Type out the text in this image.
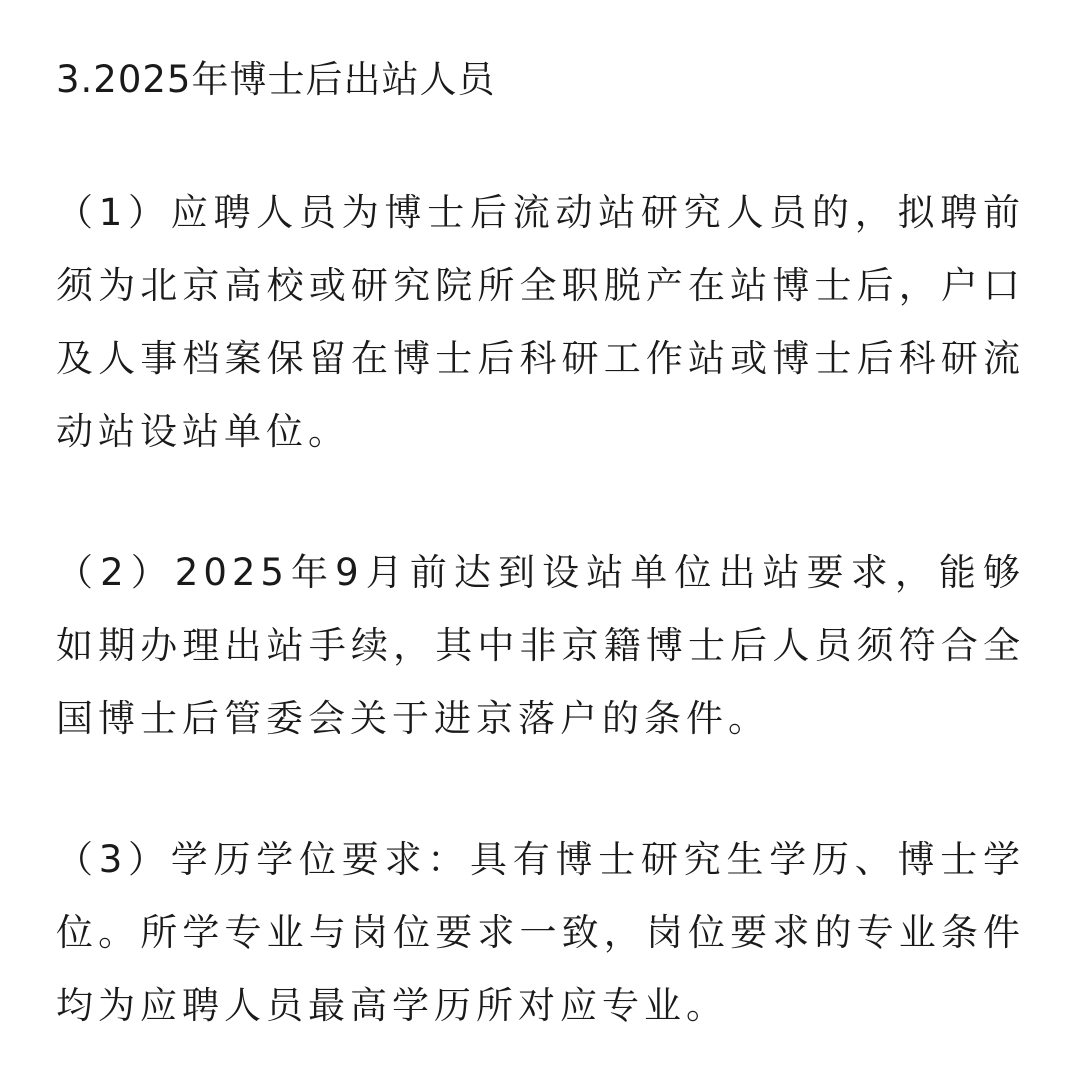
3.2025年博士后出站人员

（1）应聘人员为博士后流动站研究人员的，拟聘前须为北京高校或研究院所全职脱产在站博士后，户口及人事档案保留在博士后科研工作站或博士后科研流动站设站单位。

（2）2025年9月前达到设站单位出站要求，能够如期办理出站手续，其中非京籍博士后人员须符合全国博士后管委会关于进京落户的条件。

（3）学历学位要求：具有博士研究生学历、博士学位。所学专业与岗位要求一致，岗位要求的专业条件均为应聘人员最高学历所对应专业。
